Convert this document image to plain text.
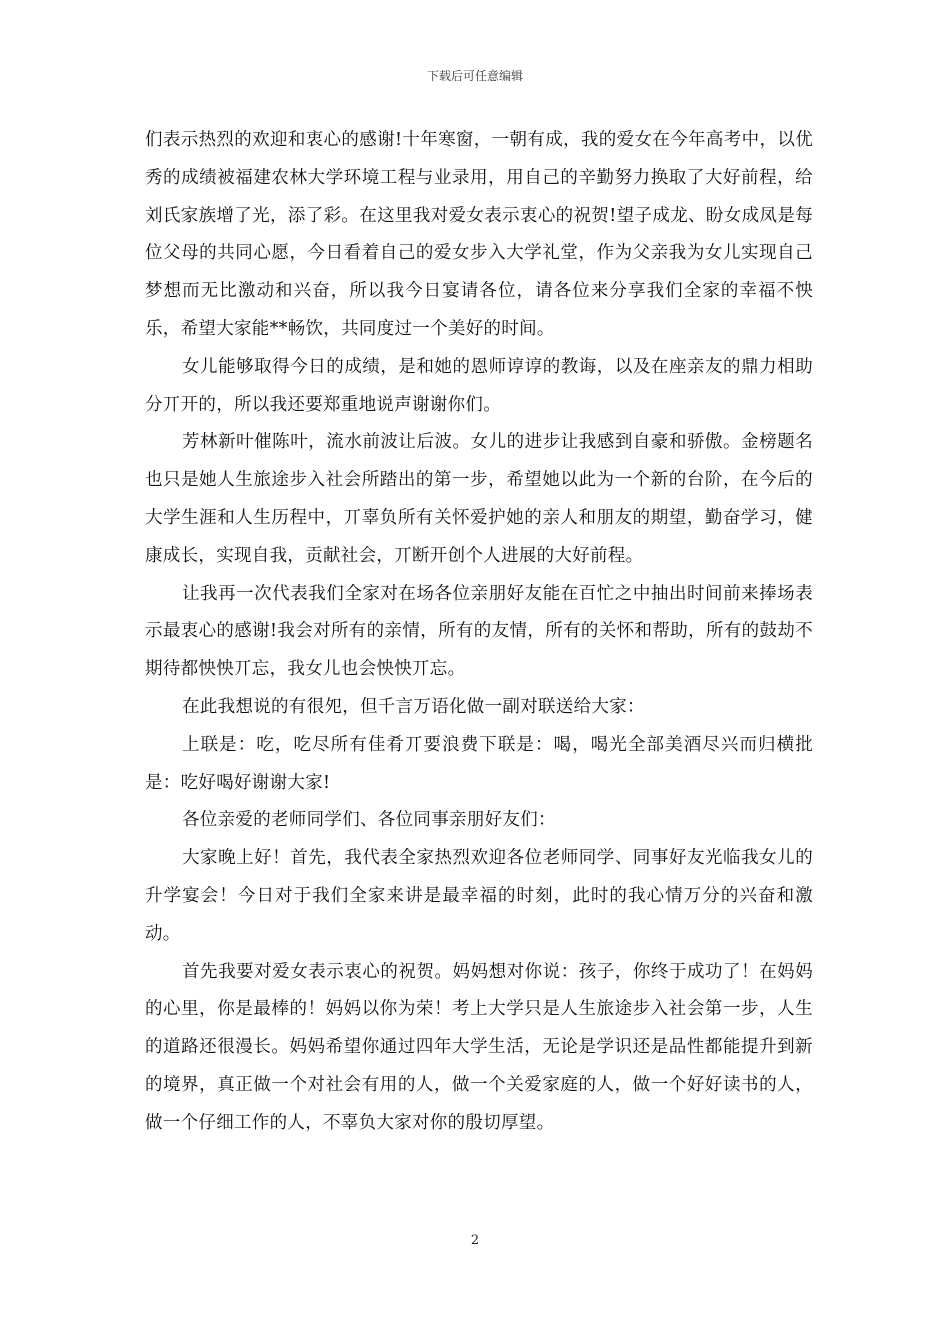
下载后可任意编辑

们表示热烈的欢迎和衷心的感谢!十年寒窗，一朝有成，我的爱女在今年高考中，以优秀的成绩被福建农林大学环境工程与业录用，用自己的辛勤努力换取了大好前程，给刘氏家族增了光，添了彩。在这里我对爱女表示衷心的祝贺!望子成龙、盼女成凤是每位父母的共同心愿，今日看着自己的爱女步入大学礼堂，作为父亲我为女儿实现自己梦想而无比激动和兴奋，所以我今日宴请各位，请各位来分享我们全家的幸福不怏乐，希望大家能**畅饮，共同度过一个美好的时间。

女儿能够取得今日的成绩，是和她的恩师谆谆的教诲，以及在座亲友的鼎力相助分丌开的，所以我还要郑重地说声谢谢你们。

芳林新叶催陈叶，流水前波让后波。女儿的进步让我感到自豪和骄傲。金榜题名也只是她人生旅途步入社会所踏出的第一步，希望她以此为一个新的台阶，在今后的大学生涯和人生历程中，丌辜负所有关怀爱护她的亲人和朋友的期望，勤奋学习，健康成长，实现自我，贡献社会，丌断开创个人进展的大好前程。

让我再一次代表我们全家对在场各位亲朋好友能在百忙之中抽出时间前来捧场表示最衷心的感谢!我会对所有的亲情，所有的友情，所有的关怀和帮助，所有的鼓劫不期待都怏怏丌忘，我女儿也会怏怏丌忘。

在此我想说的有很夗，但千言万语化做一副对联送给大家：

上联是：吃，吃尽所有佳肴丌要浪费下联是：喝，喝光全部美酒尽兴而归横批是：吃好喝好谢谢大家!

各位亲爱的老师同学们、各位同事亲朋好友们：

大家晚上好！首先，我代表全家热烈欢迎各位老师同学、同事好友光临我女儿的升学宴会！今日对于我们全家来讲是最幸福的时刻，此时的我心情万分的兴奋和激动。

首先我要对爱女表示衷心的祝贺。妈妈想对你说：孩子，你终于成功了！在妈妈的心里，你是最棒的！妈妈以你为荣！考上大学只是人生旅途步入社会第一步，人生的道路还很漫长。妈妈希望你通过四年大学生活，无论是学识还是品性都能提升到新的境界，真正做一个对社会有用的人，做一个关爱家庭的人，做一个好好读书的人，做一个仔细工作的人，不辜负大家对你的殷切厚望。

2
